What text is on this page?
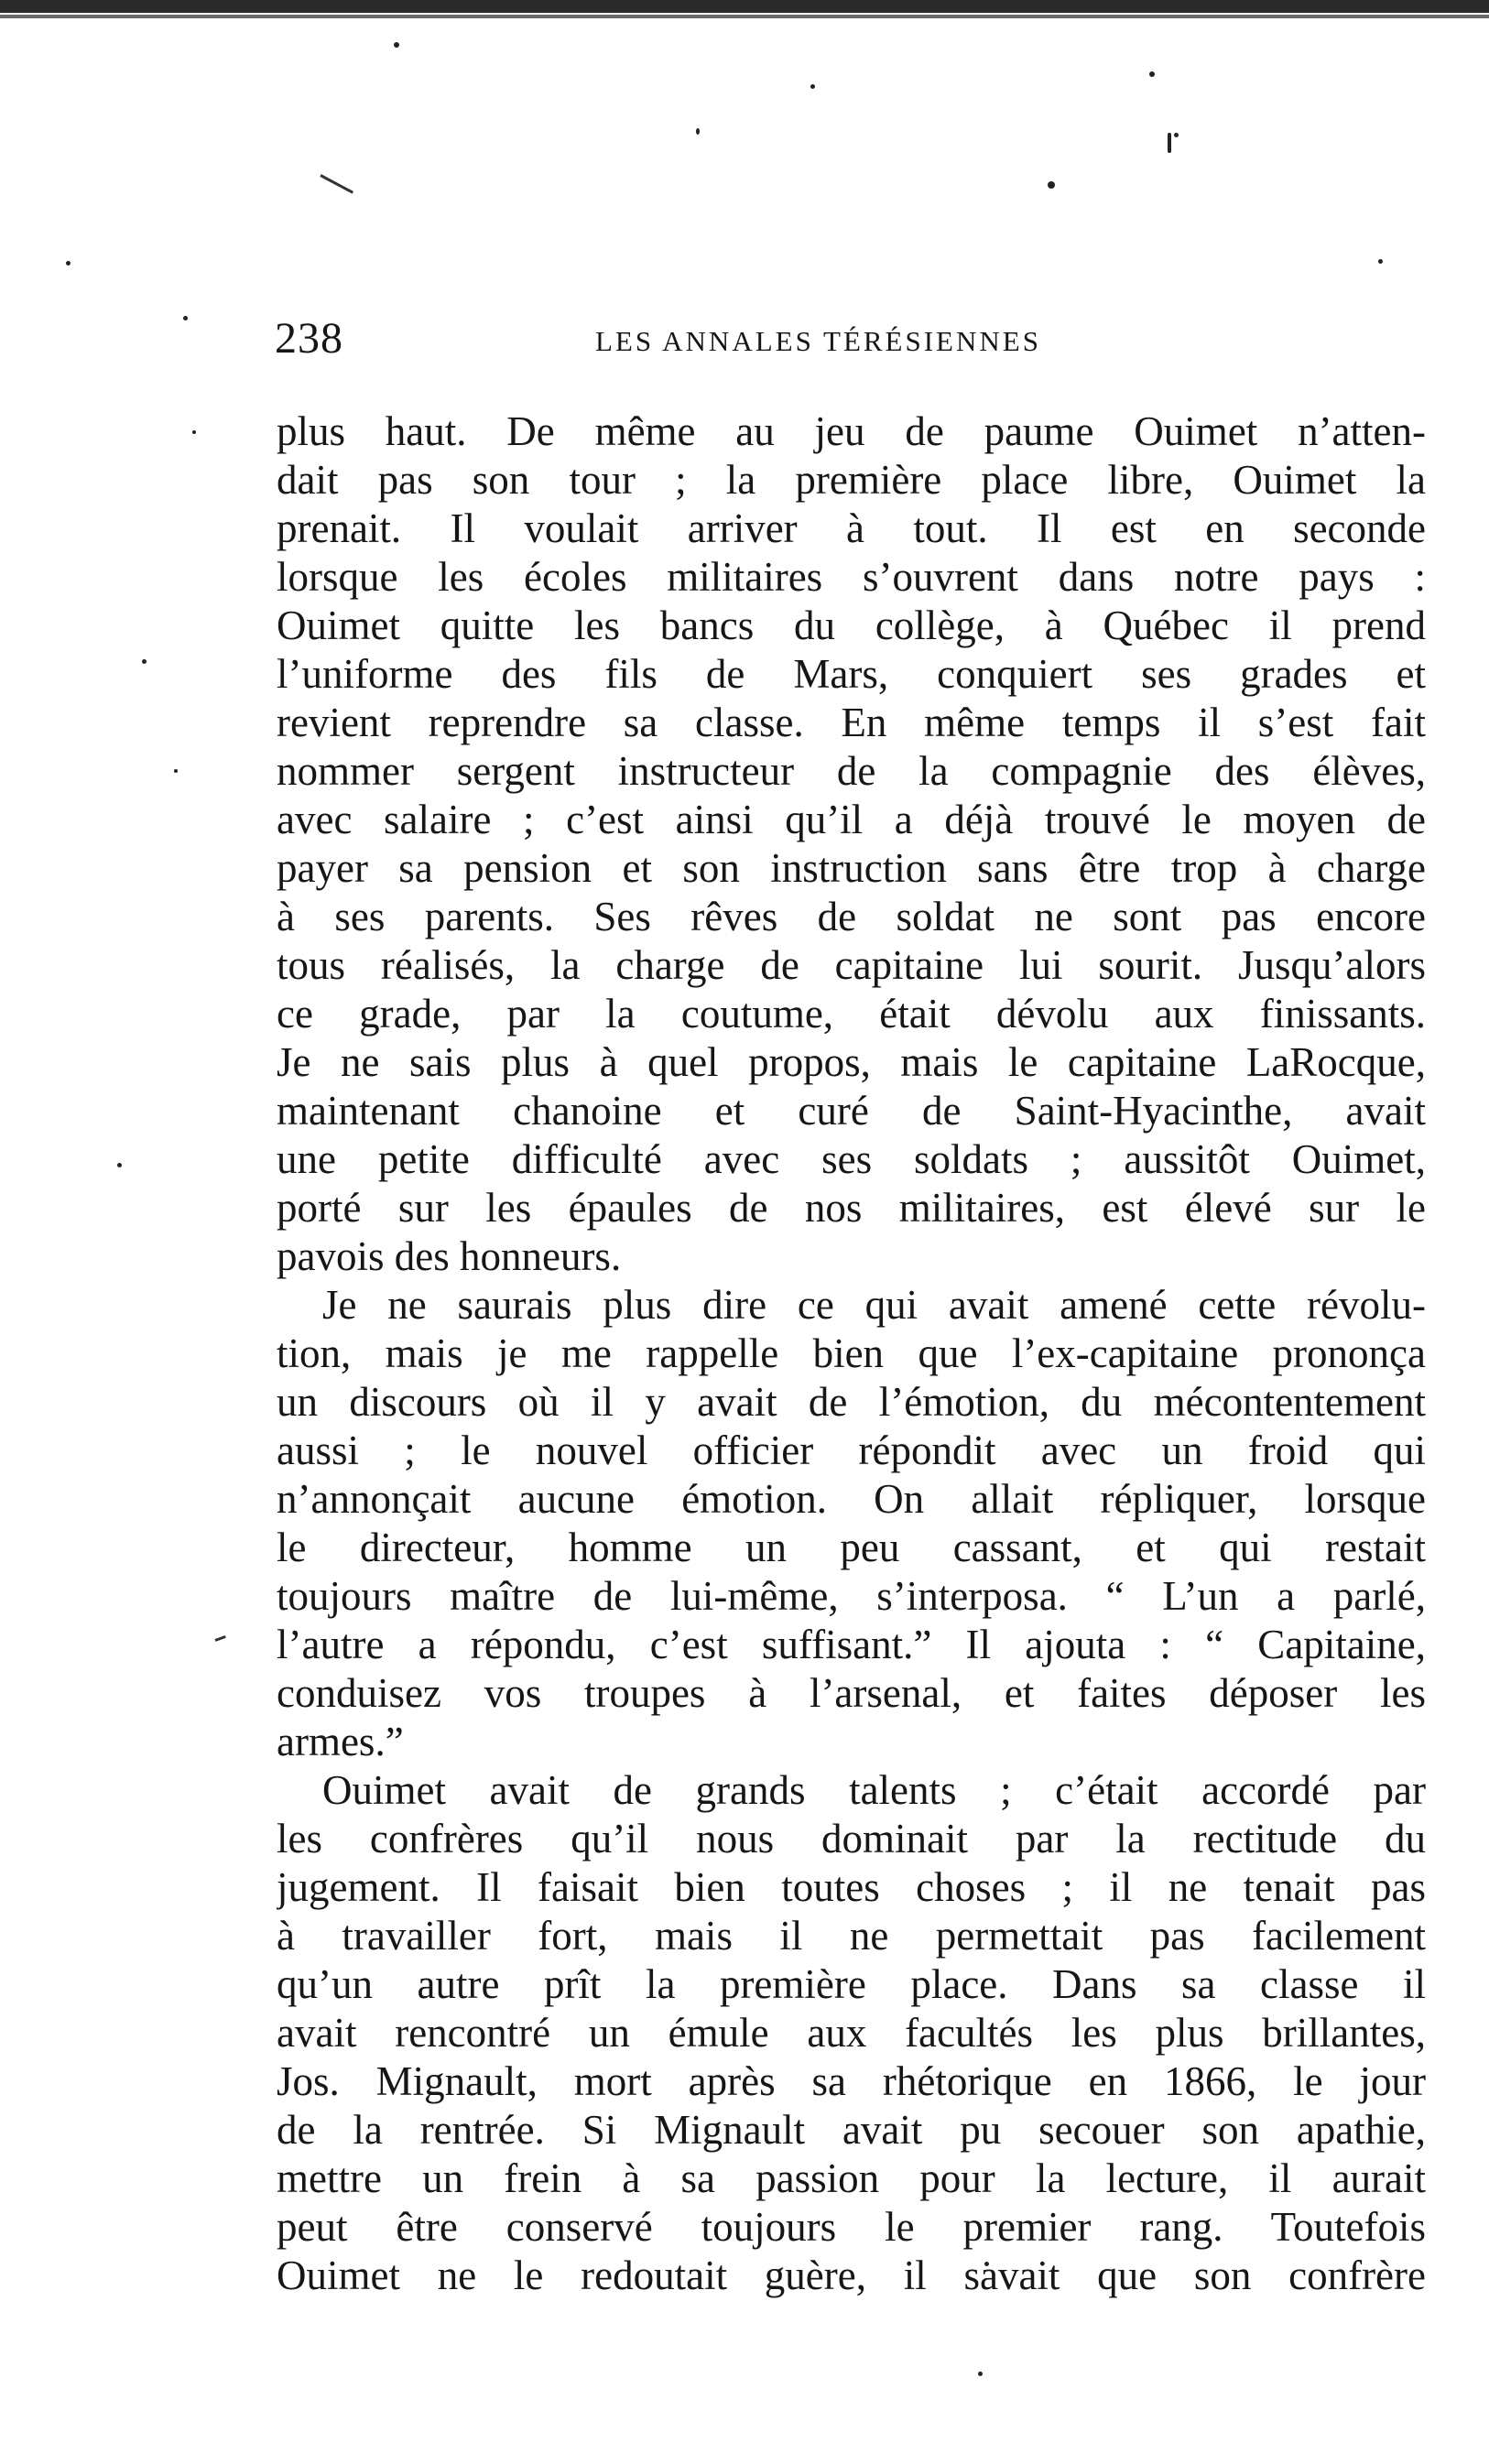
238	LES ANNALES TÉRÉSIENNES
plus haut. De même au jeu de paume Ouimet n’atten-
dait pas son tour ; la première place libre, Ouimet la
prenait. Il voulait arriver à tout. Il est en seconde
lorsque les écoles militaires s’ouvrent dans notre pays :
Ouimet quitte les bancs du collège, à Québec il prend
l’uniforme des fils de Mars, conquiert ses grades et
revient reprendre sa classe. En même temps il s’est fait
nommer sergent instructeur de la compagnie des élèves,
avec salaire ; c’est ainsi qu’il a déjà trouvé le moyen de
payer sa pension et son instruction sans être trop à charge
à ses parents. Ses rêves de soldat ne sont pas encore
tous réalisés, la charge de capitaine lui sourit. Jusqu’alors
ce grade, par la coutume, était dévolu aux finissants.
Je ne sais plus à quel propos, mais le capitaine LaRocque,
maintenant chanoine et curé de Saint-Hyacinthe, avait
une petite difficulté avec ses soldats ; aussitôt Ouimet,
porté sur les épaules de nos militaires, est élevé sur le
pavois des honneurs.
Je ne saurais plus dire ce qui avait amené cette révolu-
tion, mais je me rappelle bien que l’ex-capitaine prononça
un discours où il y avait de l’émotion, du mécontentement
aussi ; le nouvel officier répondit avec un froid qui
n’annonçait aucune émotion. On allait répliquer, lorsque
le directeur, homme un peu cassant, et qui restait
toujours maître de lui-même, s’interposa. “ L’un a parlé,
l’autre a répondu, c’est suffisant.” Il ajouta : “ Capitaine,
conduisez vos troupes à l’arsenal, et faites déposer les
armes.”
Ouimet avait de grands talents ; c’était accordé par
les confrères qu’il nous dominait par la rectitude du
jugement. Il faisait bien toutes choses ; il ne tenait pas
à travailler fort, mais il ne permettait pas facilement
qu’un autre prît la première place. Dans sa classe il
avait rencontré un émule aux facultés les plus brillantes,
Jos. Mignault, mort après sa rhétorique en 1866, le jour
de la rentrée. Si Mignault avait pu secouer son apathie,
mettre un frein à sa passion pour la lecture, il aurait
peut être conservé toujours le premier rang. Toutefois
Ouimet ne le redoutait guère, il savait que son confrère
